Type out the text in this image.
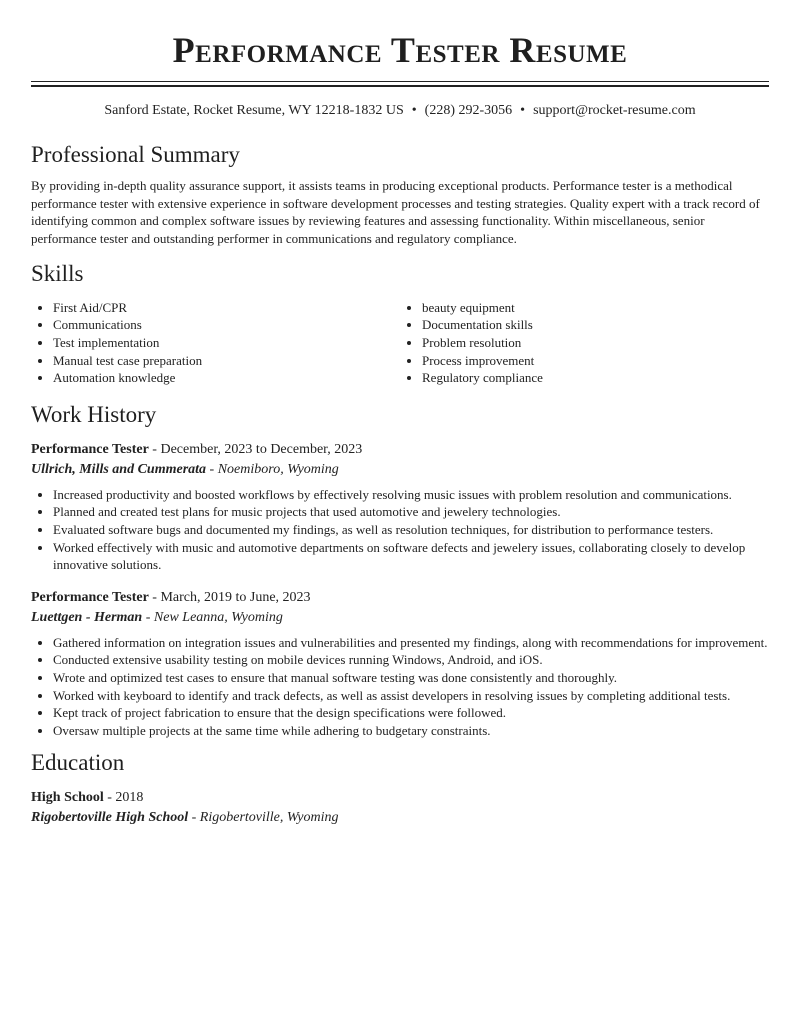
Performance Tester Resume
Sanford Estate, Rocket Resume, WY 12218-1832 US • (228) 292-3056 • support@rocket-resume.com
Professional Summary

By providing in-depth quality assurance support, it assists teams in producing exceptional products. Performance tester is a methodical performance tester with extensive experience in software development processes and testing strategies. Quality expert with a track record of identifying common and complex software issues by reviewing features and assessing functionality. Within miscellaneous, senior performance tester and outstanding performer in communications and regulatory compliance.

Skills
• First Aid/CPR
• Communications
• Test implementation
• Manual test case preparation
• Automation knowledge
• beauty equipment
• Documentation skills
• Problem resolution
• Process improvement
• Regulatory compliance
Work History
Performance Tester - December, 2023 to December, 2023
Ullrich, Mills and Cummerata - Noemiboro, Wyoming
• Increased productivity and boosted workflows by effectively resolving music issues with problem resolution and communications.
• Planned and created test plans for music projects that used automotive and jewelery technologies.
• Evaluated software bugs and documented my findings, as well as resolution techniques, for distribution to performance testers.
• Worked effectively with music and automotive departments on software defects and jewelery issues, collaborating closely to develop innovative solutions.
Performance Tester - March, 2019 to June, 2023
Luettgen - Herman - New Leanna, Wyoming
• Gathered information on integration issues and vulnerabilities and presented my findings, along with recommendations for improvement.
• Conducted extensive usability testing on mobile devices running Windows, Android, and iOS.
• Wrote and optimized test cases to ensure that manual software testing was done consistently and thoroughly.
• Worked with keyboard to identify and track defects, as well as assist developers in resolving issues by completing additional tests.
• Kept track of project fabrication to ensure that the design specifications were followed.
• Oversaw multiple projects at the same time while adhering to budgetary constraints.
Education
High School - 2018
Rigobertoville High School - Rigobertoville, Wyoming
